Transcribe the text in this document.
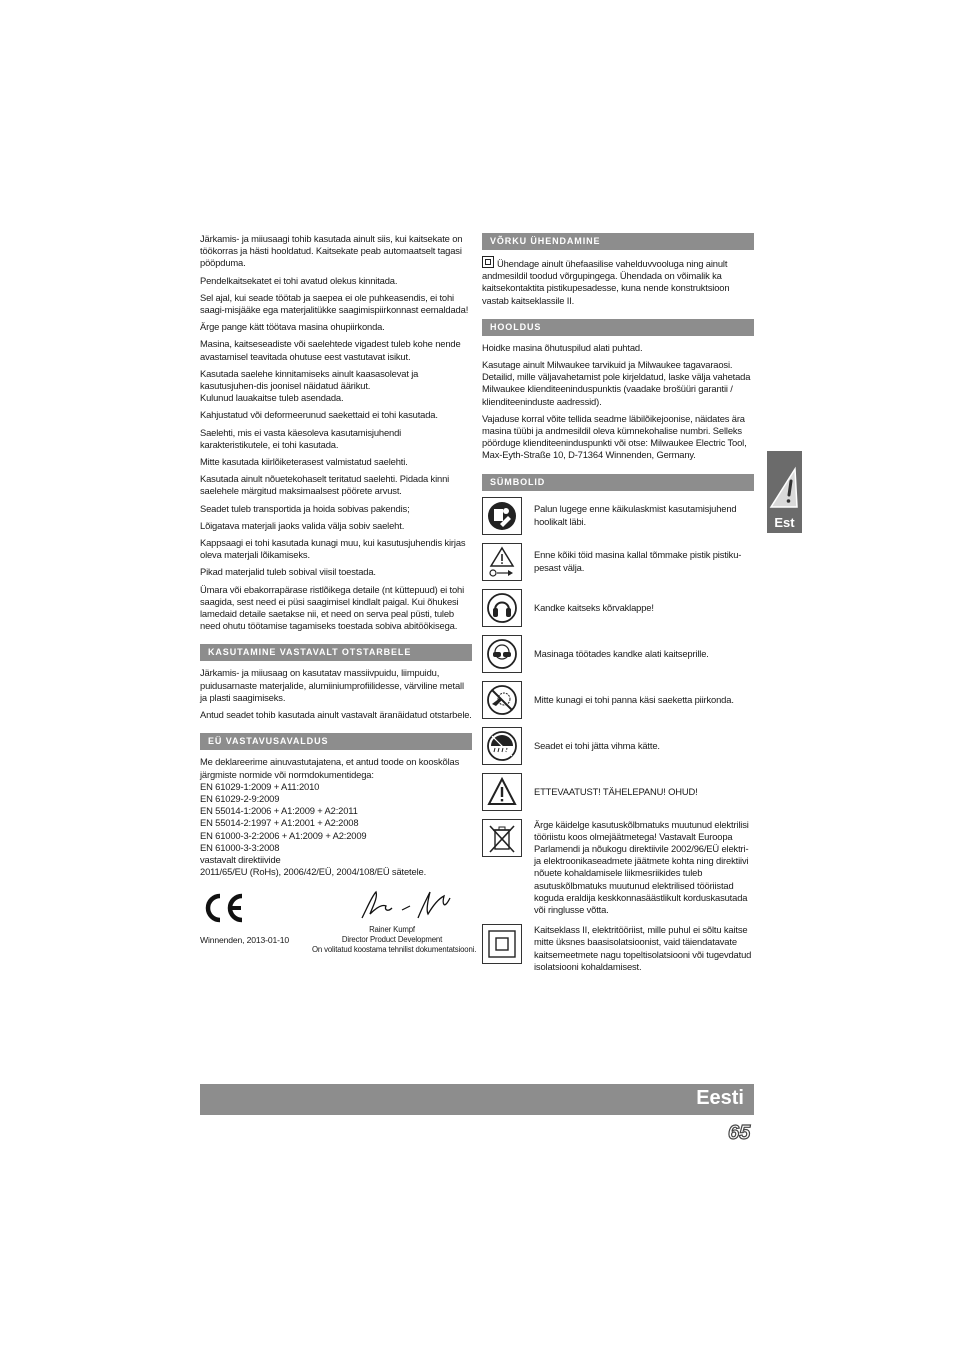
Järkamis- ja miiusaagi tohib kasutada ainult siis, kui kaitsekate on töökorras ja hästi hooldatud. Kaitsekate peab automaatselt tagasi pööрduma.

Pendelkaitsekatet ei tohi avatud olekus kinnitada.

Sel ajal, kui seade töötab ja saepea ei ole puhkeasendis, ei tohi saagi-misjääke ega materjalitükke saagimispiirkonnast eemaldada!

Ärge pange kätt töötava masina ohupiirkonda.

Masina, kaitseseadiste või saelehtede vigadest tuleb kohe nende avastamisel teavitada ohutuse eest vastutavat isikut.

Kasutada saelehe kinnitamiseks ainult kaasasolevat ja kasutusjuhen-dis joonisel näidatud äärikut.
Kulunud lauakaitse tuleb asendada.

Kahjustatud või deformeerunud saekettaid ei tohi kasutada.

Saelehti, mis ei vasta käesoleva kasutamisjuhendi karakteristikutele, ei tohi kasutada.

Mitte kasutada kiirlõiketerasest valmistatud saelehti.

Kasutada ainult nõuetekohaselt teritatud saelehti. Pidada kinni saelehele märgitud maksimaalsest pöörete arvust.

Seadet tuleb transportida ja hoida sobivas pakendis;

Lõigatava materjali jaoks valida välja sobiv saeleht.

Kappsaagi ei tohi kasutada kunagi muu, kui kasutusjuhendis kirjas oleva materjali lõikamiseks.

Pikad materjalid tuleb sobival viisil toestada.

Ümara või ebakorrapärase ristlõikega detaile (nt küttepuud) ei tohi saagida, sest need ei püsi saagimisel kindlalt paigal. Kui õhukesi lamedaid detaile saetakse nii, et need on serva peal püsti, tuleb need ohutu töötamise tagamiseks toestada sobiva abitöökisega.

KASUTAMINE VASTAVALT OTSTARBELE

Järkamis- ja miiusaag on kasutatav massiivpuidu, liimpuidu, puidusarnaste materjalide, alumiiniumprofiilidesse, värviline metall ja plasti saagimiseks.

Antud seadet tohib kasutada ainult vastavalt äranäidatud otstarbele.

EÜ VASTAVUSAVALDUS

Me deklareerime ainuvastutajatena, et antud toode on kooskõlas järgmiste normide või normdokumentidega:

EN 61029-1:2009 + A11:2010

EN 61029-2-9:2009

EN 55014-1:2006 + A1:2009 + A2:2011

EN 55014-2:1997 + A1:2001 + A2:2008

EN 61000-3-2:2006 + A1:2009 + A2:2009

EN 61000-3-3:2008

vastavalt direktiivide

2011/65/EU (RoHs), 2006/42/EÜ, 2004/108/EÜ sätetele.

Winnenden, 2013-01-10
Rainer Kumpf
Director Product Development
On volitatud koostama tehnilist dokumentatsiooni.
VÕRKU ÜHENDAMINE

Ühendage ainult ühefaasilise vahelduvvooluga ning ainult andmesildil toodud võrgupingega. Ühendada on võimalik ka kaitsekontaktita pistikupesadesse, kuna nende konstruktsioon vastab kaitseklassile II.

HOOLDUS

Hoidke masina õhutuspilud alati puhtad.

Kasutage ainult Milwaukee tarvikuid ja Milwaukee tagavaraosi. Detailid, mille väljavahetamist pole kirjeldatud, laske välja vahetada Milwaukee klienditeeninduspunktis (vaadake brošüüri garantii / klienditeeninduste aadressid).

Vajaduse korral võite tellida seadme läbilõikejoonise, näidates ära masina tüübi ja andmesildil oleva kümnekohalise numbri. Selleks pöörduge klienditeeninduspunkti või otse: Milwaukee Electric Tool, Max-Eyth-Straße 10, D-71364 Winnenden, Germany.

SÜMBOLID
Palun lugege enne käikulaskmist kasutamisjuhend hoolikalt läbi.
Enne kõiki töid masina kallal tõmmake pistik pistiku-pesast välja.
Kandke kaitseks kõrvaklappe!
Masinaga töötades kandke alati kaitseprille.
Mitte kunagi ei tohi panna käsi saeketta piirkonda.
Seadet ei tohi jätta vihma kätte.
ETTEVAATUST! TÄHELEPANU! OHUD!
Ärge käidelge kasutuskõlbmatuks muutunud elektrilisi tööriistu koos olmejäätmetega! Vastavalt Euroopa Parlamendi ja nõukogu direktiivile 2002/96/EÜ elektri- ja elektroonikaseadmete jäätmete kohta ning direktiivi nõuete kohaldamisele liikmesriikides tuleb asutuskõlbmatuks muutunud elektrilised tööriistad koguda eraldija keskkonnasäästlikult korduskasutada või ringlusse võtta.
Kaitseklass II, elektritööriist, mille puhul ei sõltu kaitse mitte üksnes baasisolatsioonist, vaid täiendatavate kaitsemeetmete nagu topeltisolatsiooni või tugevdatud isolatsiooni kohaldamisest.
Est
Eesti
65
